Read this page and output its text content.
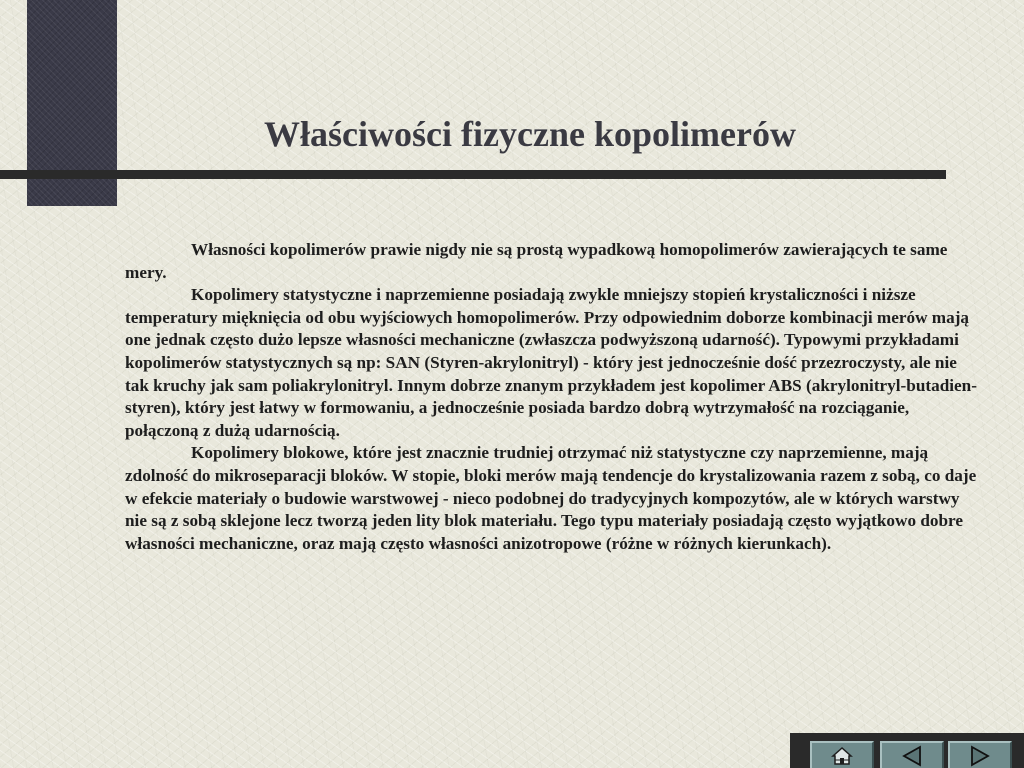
Właściwości fizyczne kopolimerów

Własności kopolimerów prawie nigdy nie są prostą wypadkową homopolimerów zawierających te same mery.

Kopolimery statystyczne i naprzemienne posiadają zwykle mniejszy stopień krystaliczności i niższe temperatury mięknięcia od obu wyjściowych homopolimerów. Przy odpowiednim doborze kombinacji merów mają one jednak często dużo lepsze własności mechaniczne (zwłaszcza podwyższoną udarność). Typowymi przykładami kopolimerów statystycznych są np: SAN (Styren-akrylonitryl) - który jest jednocześnie dość przezroczysty, ale nie tak kruchy jak sam poliakrylonitryl. Innym dobrze znanym przykładem jest kopolimer ABS (akrylonitryl-butadien-styren), który jest łatwy w formowaniu, a jednocześnie posiada bardzo dobrą wytrzymałość na rozciąganie, połączoną z dużą udarnością.

Kopolimery blokowe, które jest znacznie trudniej otrzymać niż statystyczne czy naprzemienne, mają zdolność do mikroseparacji bloków. W stopie, bloki merów mają tendencje do krystalizowania razem z sobą, co daje w efekcie materiały o budowie warstwowej - nieco podobnej do tradycyjnych kompozytów, ale w których warstwy nie są z sobą sklejone lecz tworzą jeden lity blok materiału. Tego typu materiały posiadają często wyjątkowo dobre własności mechaniczne, oraz mają często własności anizotropowe (różne w różnych kierunkach).
